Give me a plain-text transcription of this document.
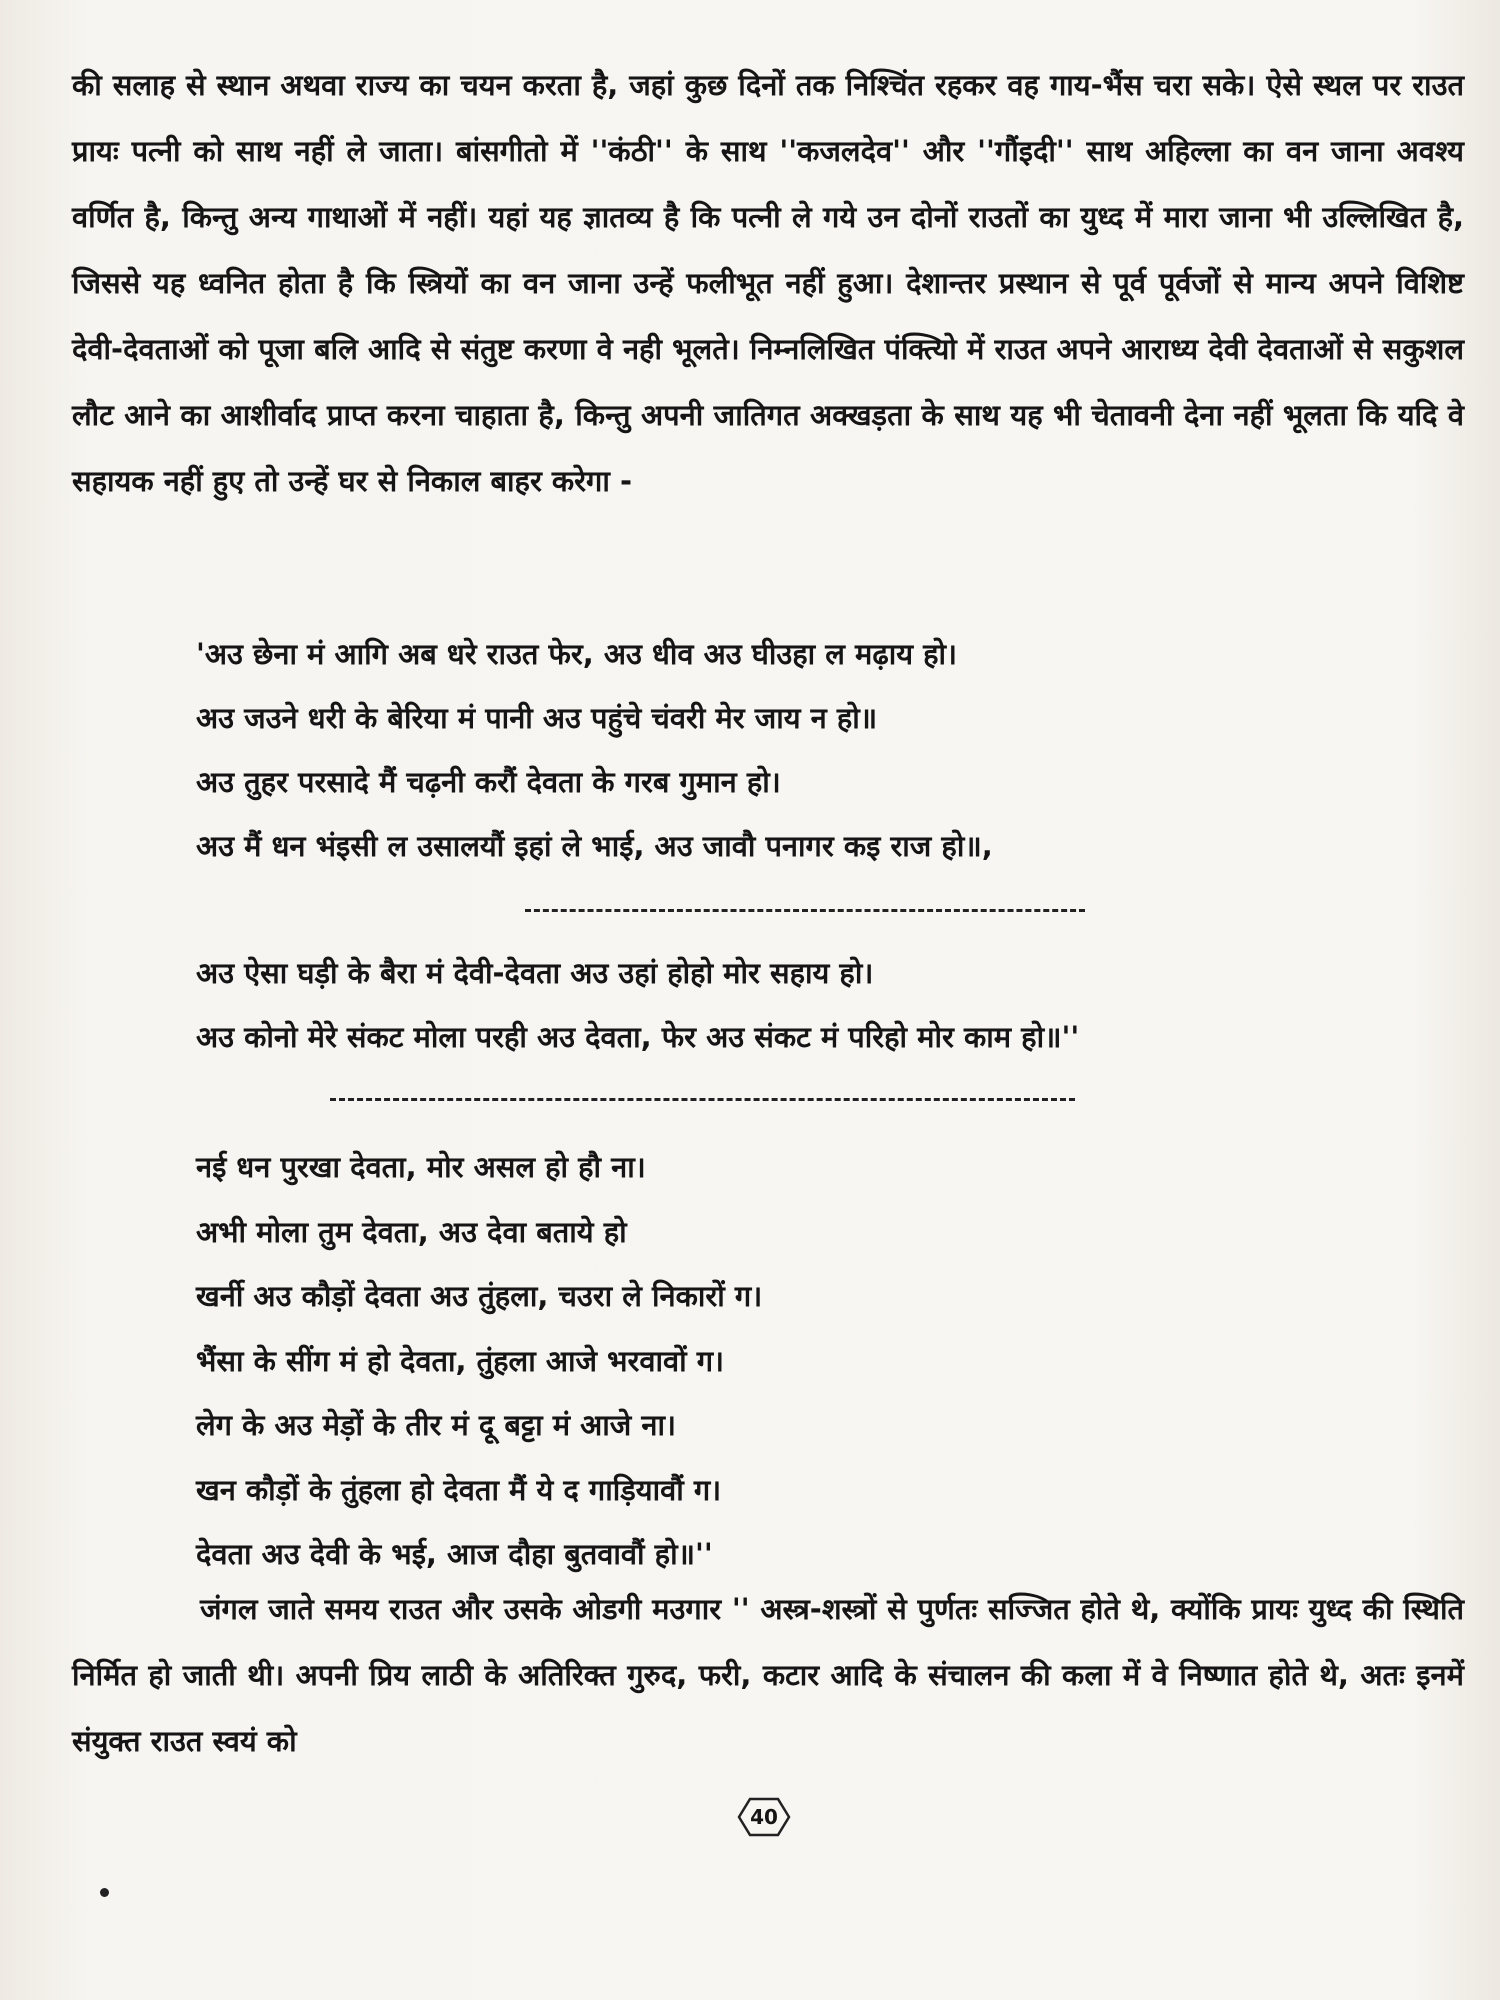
की सलाह से स्थान अथवा राज्य का चयन करता है, जहां कुछ दिनों तक निश्चिंत रहकर वह गाय-भैंस चरा सके। ऐसे स्थल पर राउत प्रायः पत्नी को साथ नहीं ले जाता। बांसगीतो में ''कंठी'' के साथ ''कजलदेव'' और ''गौंइदी'' साथ अहिल्ला का वन जाना अवश्य वर्णित है, किन्तु अन्य गाथाओं में नहीं। यहां यह ज्ञातव्य है कि पत्नी ले गये उन दोनों राउतों का युध्द में मारा जाना भी उल्लिखित है, जिससे यह ध्वनित होता है कि स्त्रियों का वन जाना उन्हें फलीभूत नहीं हुआ। देशान्तर प्रस्थान से पूर्व पूर्वजों से मान्य अपने विशिष्ट देवी-देवताओं को पूजा बलि आदि से संतुष्ट करणा वे नही भूलते। निम्नलिखित पंक्त्यिो में राउत अपने आराध्य देवी देवताओं से सकुशल लौट आने का आशीर्वाद प्राप्त करना चाहाता है, किन्तु अपनी जातिगत अक्खड़ता के साथ यह भी चेतावनी देना नहीं भूलता कि यदि वे सहायक नहीं हुए तो उन्हें घर से निकाल बाहर करेगा -

'अउ छेना मं आगि अब धरे राउत फेर, अउ धीव अउ घीउहा ल मढ़ाय हो।
अउ जउने धरी के बेरिया मं पानी अउ पहुंचे चंवरी मेर जाय न हो॥
अउ तुहर परसादे मैं चढ़नी करौं देवता के गरब गुमान हो।
अउ मैं धन भंइसी ल उसालयौं इहां ले भाई, अउ जावौ पनागर कइ राज हो॥,
अउ ऐसा घड़ी के बैरा मं देवी-देवता अउ उहां होहो मोर सहाय हो।
अउ कोनो मेरे संकट मोला परही अउ देवता, फेर अउ संकट मं परिहो मोर काम हो॥''
नई धन पुरखा देवता, मोर असल हो हौ ना।
अभी मोला तुम देवता, अउ देवा बताये हो
खर्नी अउ कौड़ों देवता अउ तुंहला, चउरा ले निकारों ग।
भैंसा के सींग मं हो देवता, तुंहला आजे भरवावों ग।
लेग के अउ मेड़ों के तीर मं दू बट्टा मं आजे ना।
खन कौड़ों के तुंहला हो देवता मैं ये द गाड़ियावौं ग।
देवता अउ देवी के भई, आज दौहा बुतवावौं हो॥''

जंगल जाते समय राउत और उसके ओडगी मउगार '' अस्त्र-शस्त्रों से पुर्णतः सज्जित होते थे, क्योंकि प्रायः युध्द की स्थिति निर्मित हो जाती थी। अपनी प्रिय लाठी के अतिरिक्त गुरुद, फरी, कटार आदि के संचालन की कला में वे निष्णात होते थे, अतः इनमें संयुक्त राउत स्वयं को

40
